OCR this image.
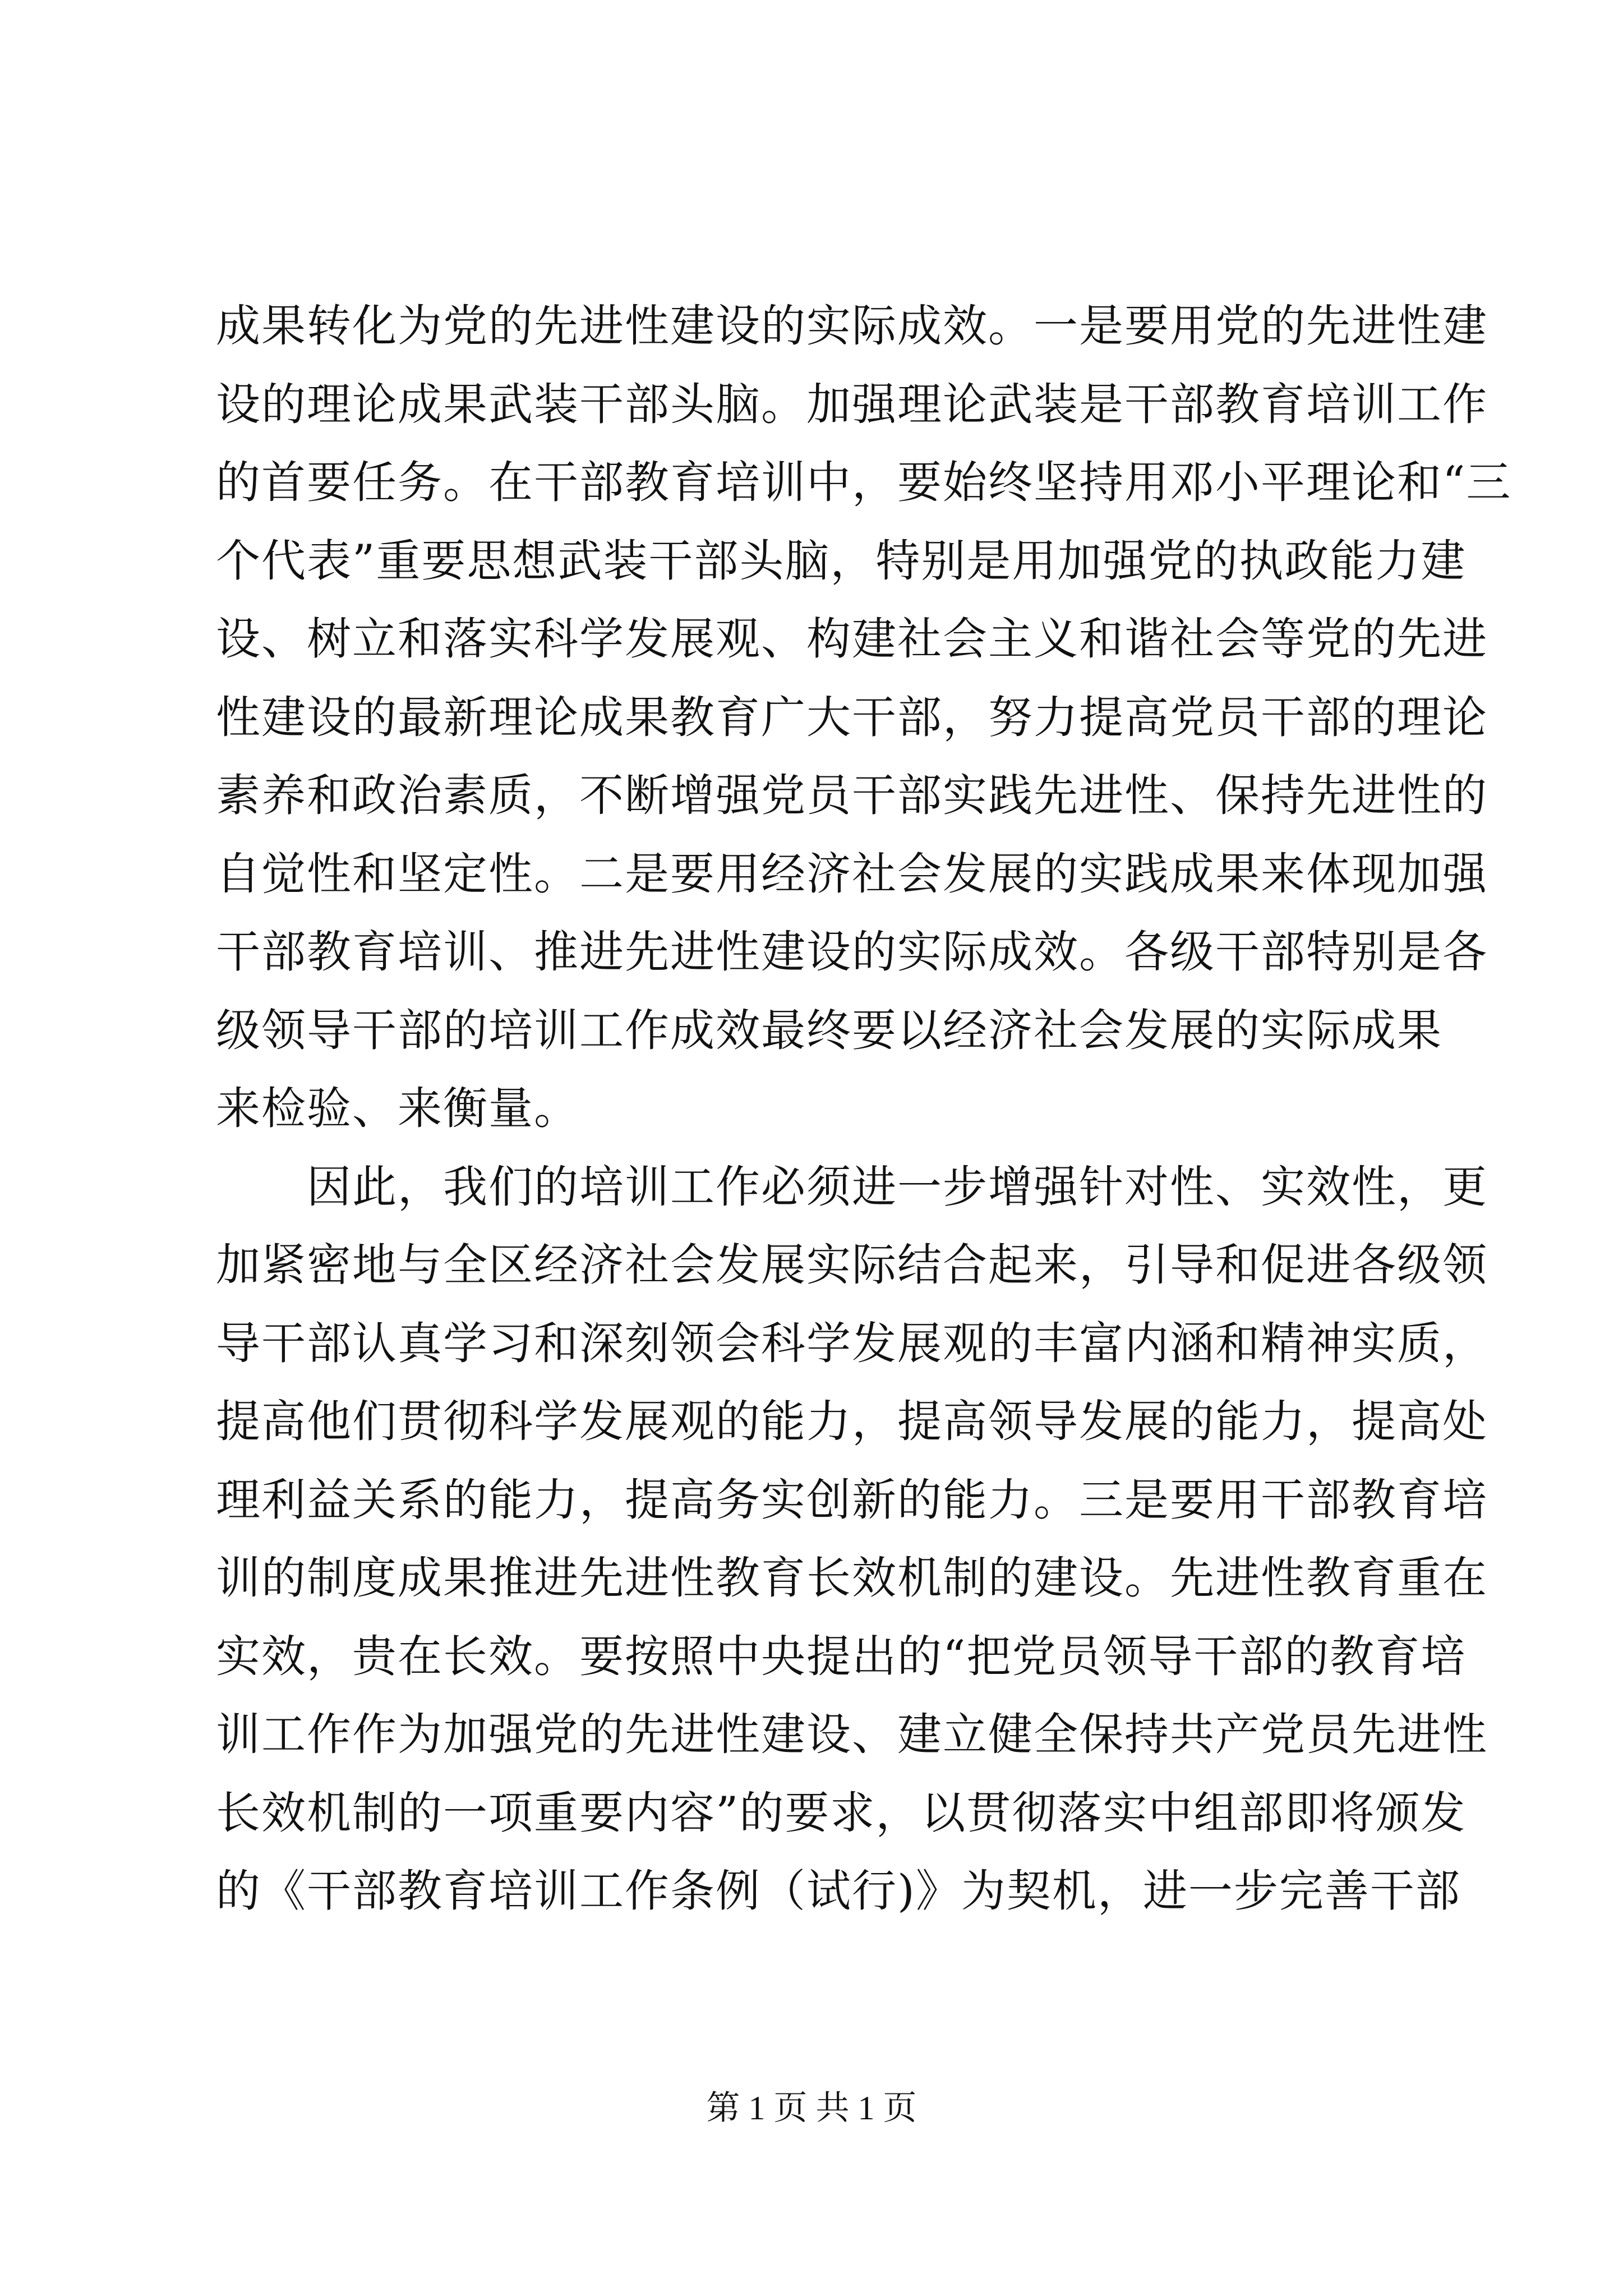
成果转化为党的先进性建设的实际成效。一是要用党的先进性建
设的理论成果武装干部头脑。加强理论武装是干部教育培训工作
的首要任务。在干部教育培训中，要始终坚持用邓小平理论和“三
个代表”重要思想武装干部头脑，特别是用加强党的执政能力建
设、树立和落实科学发展观、构建社会主义和谐社会等党的先进
性建设的最新理论成果教育广大干部，努力提高党员干部的理论
素养和政治素质，不断增强党员干部实践先进性、保持先进性的
自觉性和坚定性。二是要用经济社会发展的实践成果来体现加强
干部教育培训、推进先进性建设的实际成效。各级干部特别是各
级领导干部的培训工作成效最终要以经济社会发展的实际成果
来检验、来衡量。
　　因此，我们的培训工作必须进一步增强针对性、实效性，更
加紧密地与全区经济社会发展实际结合起来，引导和促进各级领
导干部认真学习和深刻领会科学发展观的丰富内涵和精神实质，
提高他们贯彻科学发展观的能力，提高领导发展的能力，提高处
理利益关系的能力，提高务实创新的能力。三是要用干部教育培
训的制度成果推进先进性教育长效机制的建设。先进性教育重在
实效，贵在长效。要按照中央提出的“把党员领导干部的教育培
训工作作为加强党的先进性建设、建立健全保持共产党员先进性
长效机制的一项重要内容”的要求，以贯彻落实中组部即将颁发
的《干部教育培训工作条例（试行)》为契机，进一步完善干部
第 1 页 共 1 页
